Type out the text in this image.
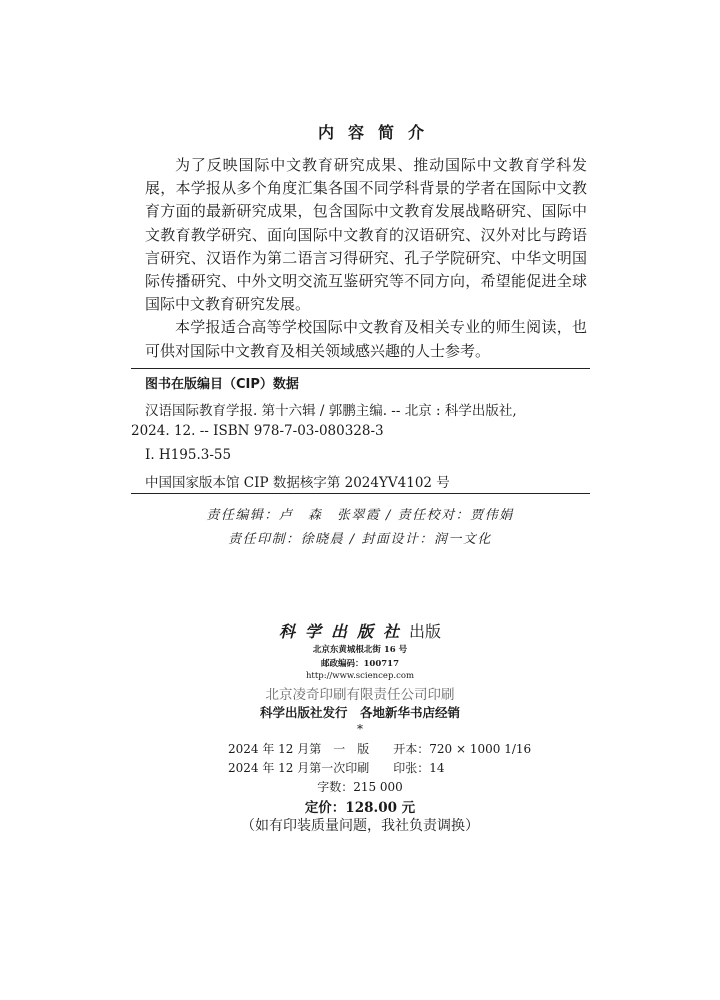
内容简介

为了反映国际中文教育研究成果、推动国际中文教育学科发展，本学报从多个角度汇集各国不同学科背景的学者在国际中文教育方面的最新研究成果，包含国际中文教育发展战略研究、国际中文教育教学研究、面向国际中文教育的汉语研究、汉外对比与跨语言研究、汉语作为第二语言习得研究、孔子学院研究、中华文明国际传播研究、中外文明交流互鉴研究等不同方向，希望能促进全球国际中文教育研究发展。

本学报适合高等学校国际中文教育及相关专业的师生阅读，也可供对国际中文教育及相关领域感兴趣的人士参考。

图书在版编目（CIP）数据
汉语国际教育学报. 第十六辑 / 郭鹏主编. -- 北京 : 科学出版社,
2024. 12. -- ISBN 978-7-03-080328-3
Ⅰ. H195.3-55
中国国家版本馆 CIP 数据核字第 2024YV4102 号
责任编辑：卢　森　张翠霞 / 责任校对：贾伟娟
责任印制：徐晓晨 / 封面设计：润一文化
科学出版社出版
北京东黄城根北街 16 号
邮政编码：100717
http://www.sciencep.com
北京凌奇印刷有限责任公司印刷
科学出版社发行　各地新华书店经销
*
2024 年 12 月第　一　版　　开本：720 × 1000 1/16
2024 年 12 月第一次印刷　　印张：14
字数：215 000
定价：128.00 元
（如有印装质量问题，我社负责调换）
